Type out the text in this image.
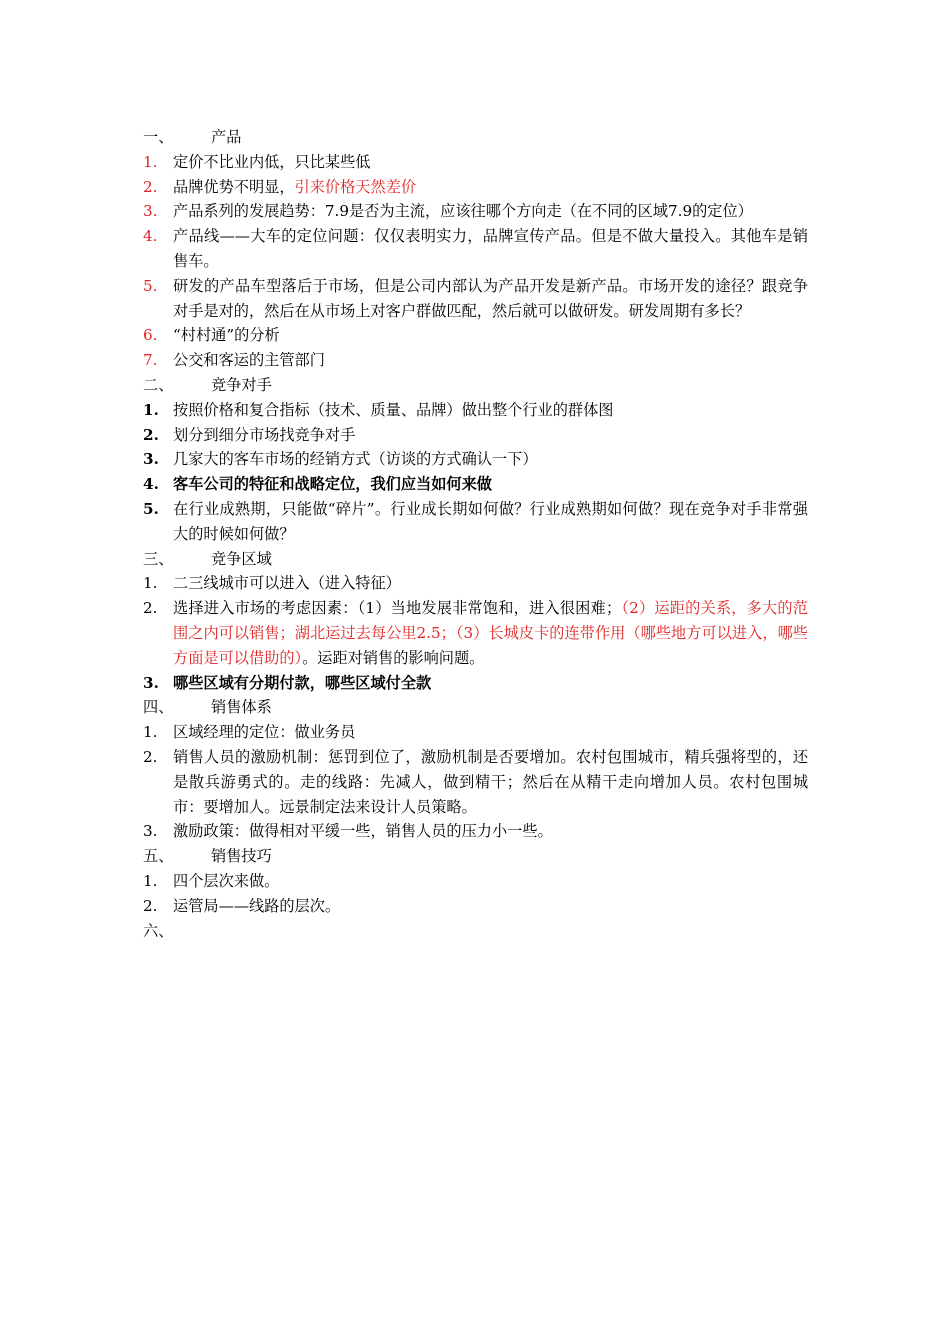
一、	产品
1.	定价不比业内低，只比某些低
2.	品牌优势不明显，引来价格天然差价
3.	产品系列的发展趋势：7.9是否为主流，应该往哪个方向走（在不同的区域7.9的定位）
4.	产品线——大车的定位问题：仅仅表明实力，品牌宣传产品。但是不做大量投入。其他车是销售车。
5.	研发的产品车型落后于市场，但是公司内部认为产品开发是新产品。市场开发的途径？跟竞争对手是对的，然后在从市场上对客户群做匹配，然后就可以做研发。研发周期有多长？
6.	“村村通”的分析
7.	公交和客运的主管部门
二、	竞争对手
1. 按照价格和复合指标（技术、质量、品牌）做出整个行业的群体图
2. 划分到细分市场找竞争对手
3. 几家大的客车市场的经销方式（访谈的方式确认一下）
4. 客车公司的特征和战略定位，我们应当如何来做
5. 在行业成熟期，只能做“碎片”。行业成长期如何做？行业成熟期如何做？现在竞争对手非常强大的时候如何做？
三、	竞争区域
1.	二三线城市可以进入（进入特征）
2.	选择进入市场的考虑因素：（1）当地发展非常饱和，进入很困难；（2）运距的关系，多大的范围之内可以销售；湖北运过去每公里2.5；（3）长城皮卡的连带作用（哪些地方可以进入，哪些方面是可以借助的）。运距对销售的影响问题。
3. 哪些区域有分期付款，哪些区域付全款
四、	销售体系
1.	区域经理的定位：做业务员
2.	销售人员的激励机制：惩罚到位了，激励机制是否要增加。农村包围城市，精兵强将型的，还是散兵游勇式的。走的线路：先减人，做到精干；然后在从精干走向增加人员。农村包围城市：要增加人。远景制定法来设计人员策略。
3.	激励政策：做得相对平缓一些，销售人员的压力小一些。
五、	销售技巧
1.	四个层次来做。
2.	运管局——线路的层次。
六、
